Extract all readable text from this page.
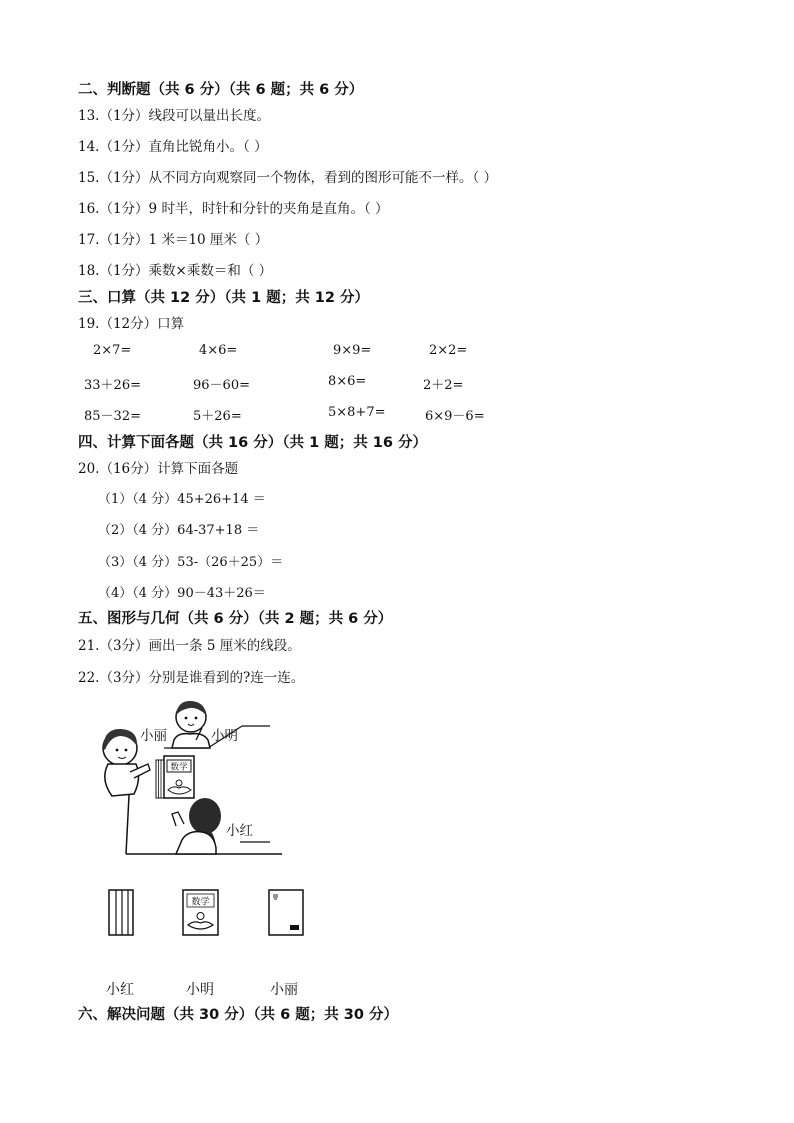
二、判断题（共 6 分）（共 6 题；共 6 分）
13.（1分）线段可以量出长度。
14.（1分）直角比锐角小。（ ）
15.（1分）从不同方向观察同一个物体，看到的图形可能不一样。（ ）
16.（1分）9 时半，时针和分针的夹角是直角。（ ）
17.（1分）1 米＝10 厘米（ ）
18.（1分）乘数×乘数＝和（ ）
三、口算（共 12 分）（共 1 题；共 12 分）
19.（12分）口算
2×7=	4×6=	9×9=	2×2=
33＋26=	96－60=	8×6=	2＋2=
85－32=	5＋26=	5×8+7=	6×9－6=
四、计算下面各题（共 16 分）（共 1 题；共 16 分）
20.（16分）计算下面各题
（1）（4 分）45+26+14 ＝
（2）（4 分）64-37+18 ＝
（3）（4 分）53-（26＋25）＝
（4）（4 分）90－43＋26＝
五、图形与几何（共 6 分）（共 2 题；共 6 分）
21.（3分）画出一条 5 厘米的线段。
22.（3分）分别是谁看到的?连一连。
数学
小丽	小明
小红
数学
小红	小明	小丽
六、解决问题（共 30 分）（共 6 题；共 30 分）
